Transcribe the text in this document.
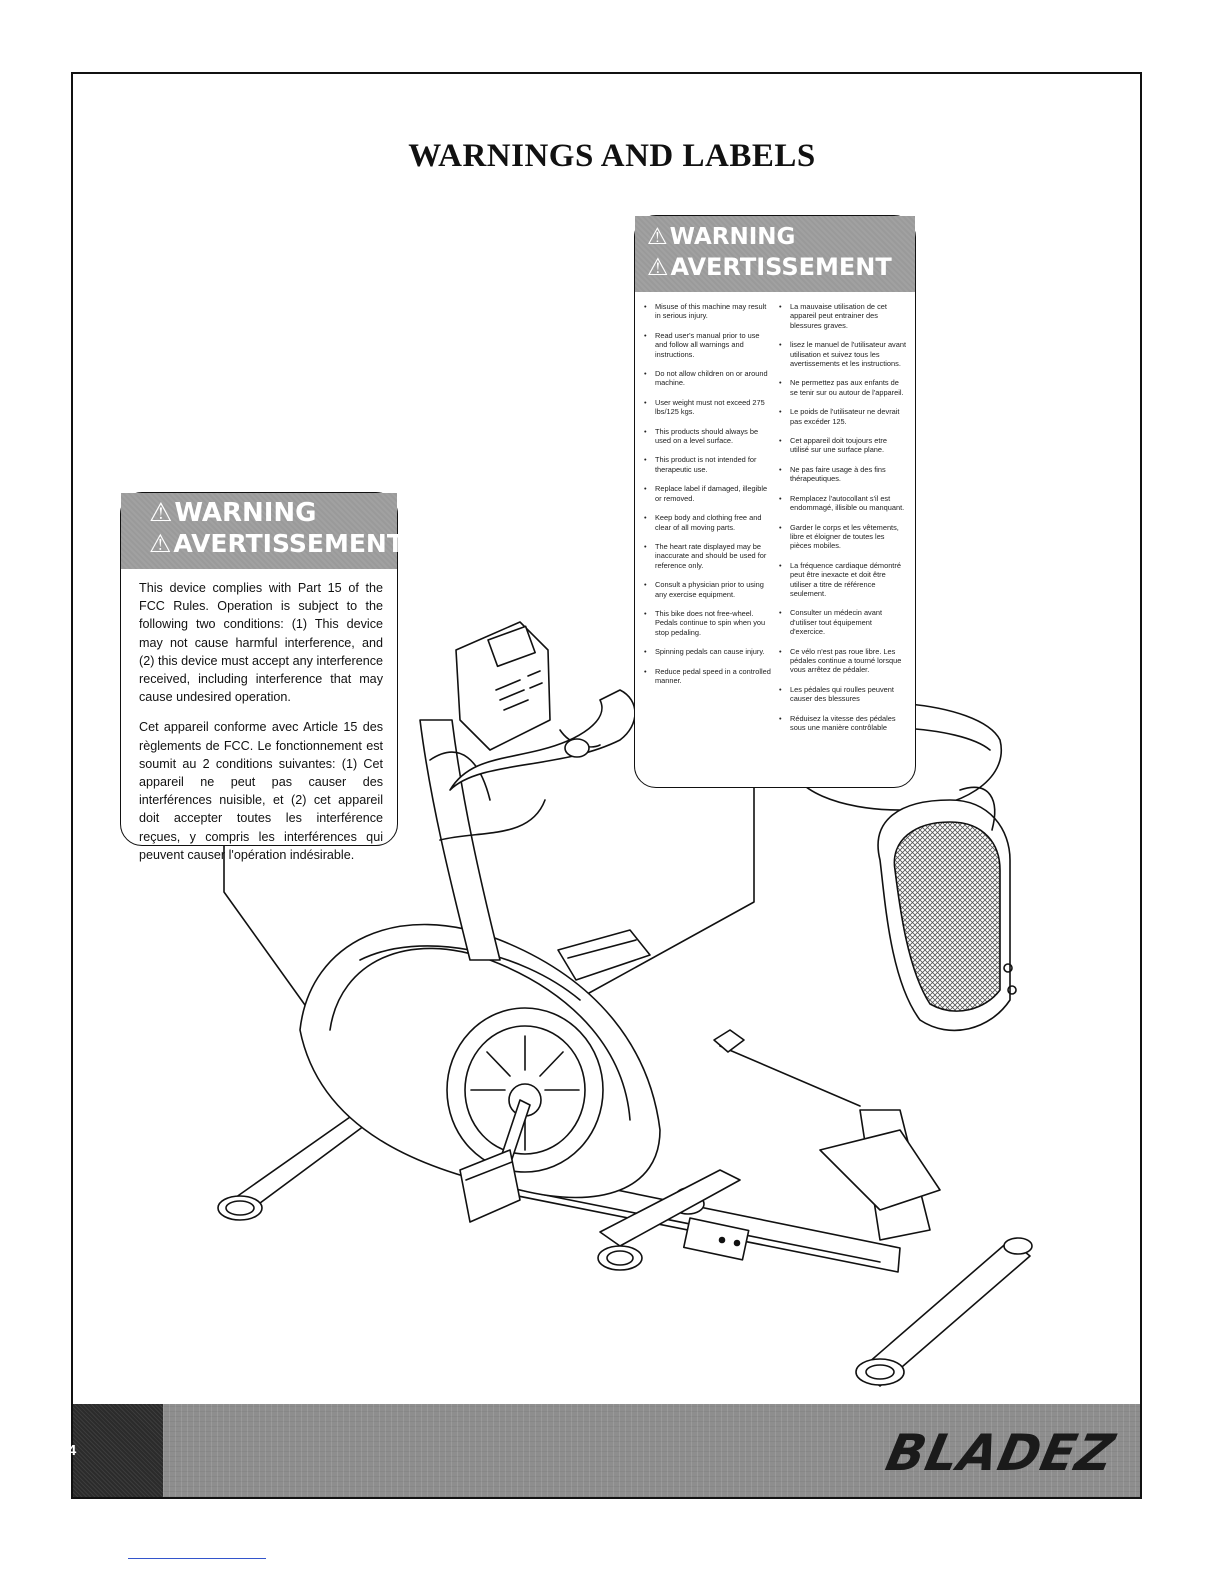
WARNINGS AND LABELS
⚠ WARNING
⚠ AVERTISSEMENT

This device complies with Part 15 of the FCC Rules. Operation is subject to the following two conditions: (1) This device may not cause harmful interference, and (2) this device must accept any interference received, including interference that may cause undesired operation.

Cet appareil conforme avec Article 15 des règlements de FCC. Le fonctionnement est soumit au 2 conditions suivantes: (1) Cet appareil ne peut pas causer des interférences nuisible, et (2) cet appareil doit accepter toutes les interférence reçues, y compris les interférences qui peuvent causer l'opération indésirable.

⚠ WARNING
⚠ AVERTISSEMENT
• Misuse of this machine may result in serious injury.
• Read user's manual prior to use and follow all warnings and instructions.
• Do not allow children on or around machine.
• User weight must not exceed 275 lbs/125 kgs.
• This products should always be used on a level surface.
• This product is not intended for therapeutic use.
• Replace label if damaged, illegible or removed.
• Keep body and clothing free and clear of all moving parts.
• The heart rate displayed may be inaccurate and should be used for reference only.
• Consult a physician prior to using any exercise equipment.
• This bike does not free-wheel. Pedals continue to spin when you stop pedaling.
• Spinning pedals can cause injury.
• Reduce pedal speed in a controlled manner.
• La mauvaise utilisation de cet appareil peut entrainer des blessures graves.
• lisez le manuel de l'utilisateur avant utilisation et suivez tous les avertissements et les instructions.
• Ne permettez pas aux enfants de se tenir sur ou autour de l'appareil.
• Le poids de l'utilisateur ne devrait pas excéder 125.
• Cet appareil doit toujours etre utilisé sur une surface plane.
• Ne pas faire usage à des fins thérapeutiques.
• Remplacez l'autocollant s'il est endommagé, illisible ou manquant.
• Garder le corps et les vêtements, libre et éloigner de toutes les pièces mobiles.
• La fréquence cardiaque démontré peut être inexacte et doit être utiliser a titre de référence seulement.
• Consulter un médecin avant d'utiliser tout équipement d'exercice.
• Ce vélo n'est pas roue libre. Les pédales continue a tourné lorsque vous arrêtez de pédaler.
• Les pédales qui roulles peuvent causer des blessures
• Réduisez la vitesse des pédales sous une manière contrôlable
4	BLADEZ
